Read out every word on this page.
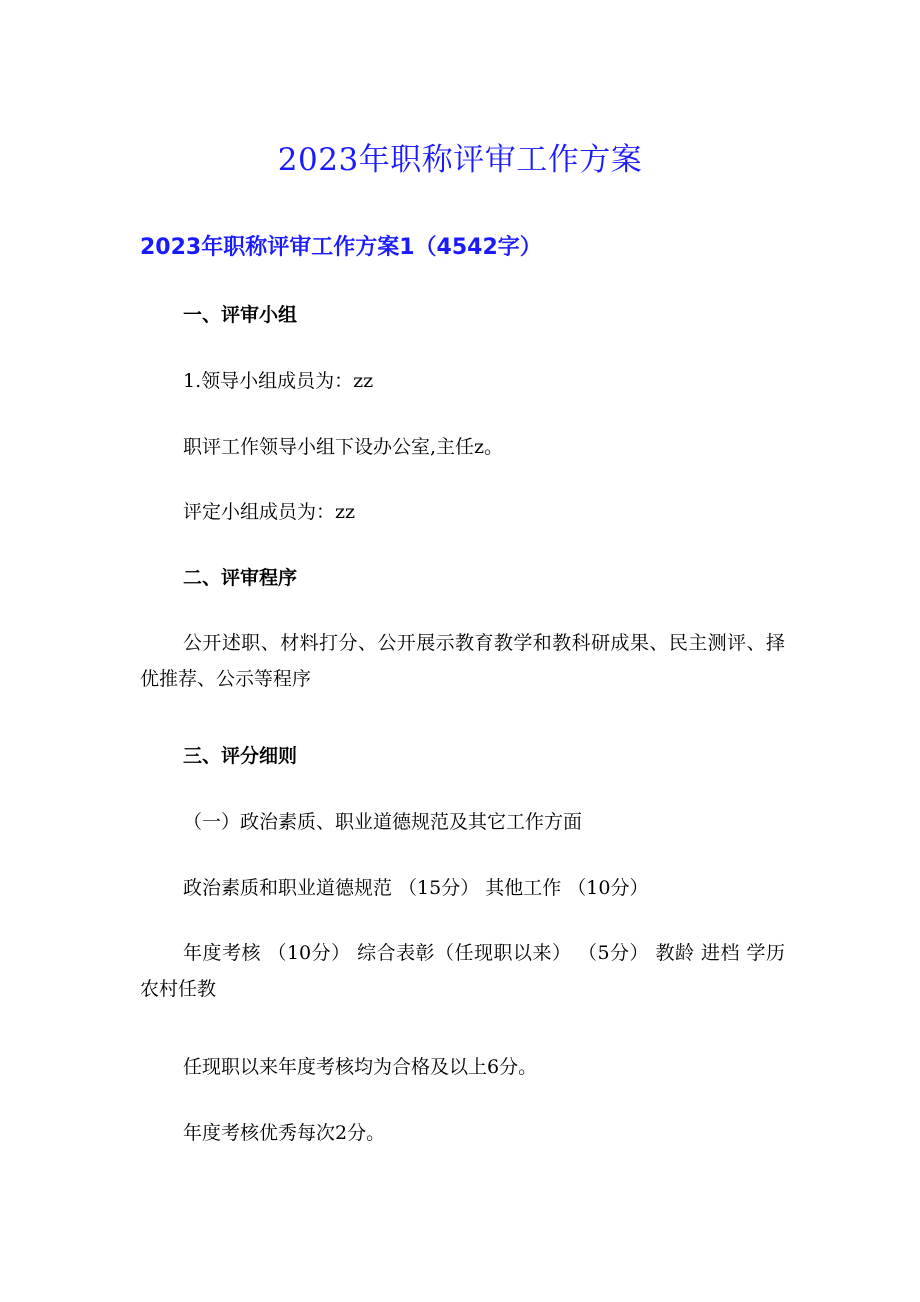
2023年职称评审工作方案
2023年职称评审工作方案1（4542字）
一、评审小组
1.领导小组成员为：zz
职评工作领导小组下设办公室,主任z。
评定小组成员为：zz
二、评审程序
公开述职、材料打分、公开展示教育教学和教科研成果、民主测评、择优推荐、公示等程序
三、评分细则
（一）政治素质、职业道德规范及其它工作方面
政治素质和职业道德规范 （15分） 其他工作 （10分）
年度考核 （10分） 综合表彰（任现职以来） （5分） 教龄 进档 学历 农村任教
任现职以来年度考核均为合格及以上6分。
年度考核优秀每次2分。
